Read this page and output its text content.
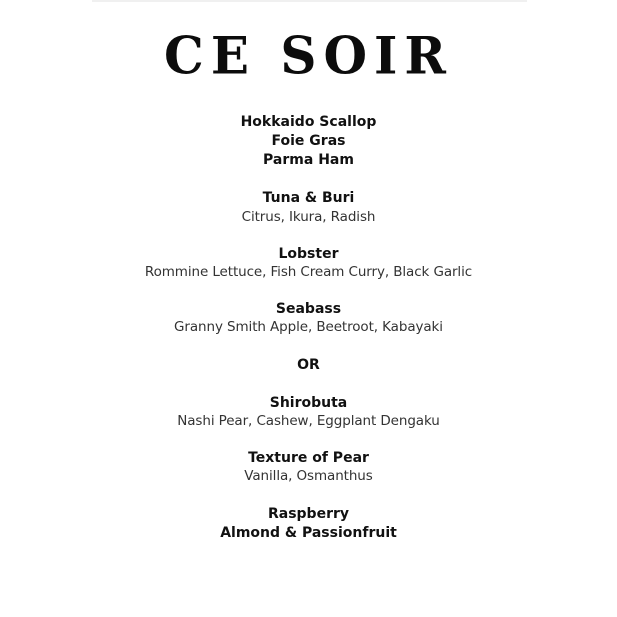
CE SOIR
Hokkaido Scallop
Foie Gras
Parma Ham
Tuna & Buri
Citrus, Ikura, Radish
Lobster
Rommine Lettuce, Fish Cream Curry, Black Garlic
Seabass
Granny Smith Apple, Beetroot, Kabayaki
OR
Shirobuta
Nashi Pear, Cashew, Eggplant Dengaku
Texture of Pear
Vanilla, Osmanthus
Raspberry
Almond & Passionfruit
